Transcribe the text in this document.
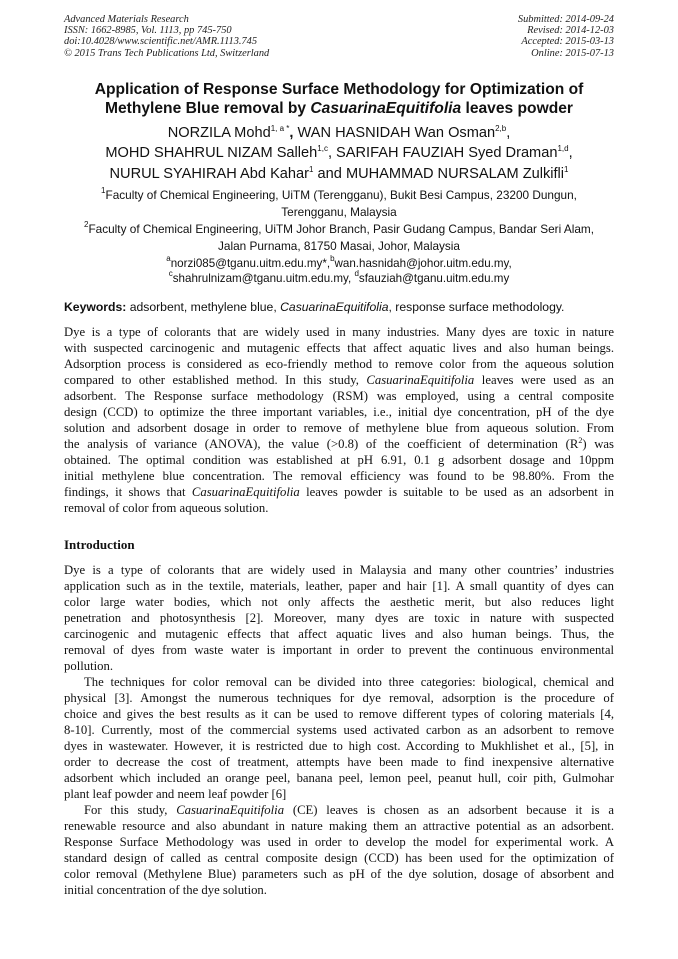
Advanced Materials Research
ISSN: 1662-8985, Vol. 1113, pp 745-750
doi:10.4028/www.scientific.net/AMR.1113.745
© 2015 Trans Tech Publications Ltd, Switzerland
Submitted: 2014-09-24
Revised: 2014-12-03
Accepted: 2015-03-13
Online: 2015-07-13
Application of Response Surface Methodology for Optimization of
Methylene Blue removal by CasuarinaEquitifolia leaves powder
NORZILA Mohd$^{1, a *}$, WAN HASNIDAH Wan Osman$^{2,b}$,
MOHD SHAHRUL NIZAM Salleh$^{1,c}$, SARIFAH FAUZIAH Syed Draman$^{1,d}$,
NURUL SYAHIRAH Abd Kahar$^1$ and MUHAMMAD NURSALAM Zulkifli$^1$
$^1$Faculty of Chemical Engineering, UiTM (Terengganu), Bukit Besi Campus, 23200 Dungun,
Terengganu, Malaysia
$^2$Faculty of Chemical Engineering, UiTM Johor Branch, Pasir Gudang Campus, Bandar Seri Alam,
Jalan Purnama, 81750 Masai, Johor, Malaysia
$^a$norzi085@tganu.uitm.edu.my*,$^b$wan.hasnidah@johor.uitm.edu.my,
$^c$shahrulnizam@tganu.uitm.edu.my, $^d$sfauziah@tganu.uitm.edu.my
Keywords: adsorbent, methylene blue, CasuarinaEquitifolia, response surface methodology.
Dye is a type of colorants that are widely used in many industries. Many dyes are toxic in nature
with suspected carcinogenic and mutagenic effects that affect aquatic lives and also human beings.
Adsorption process is considered as eco-friendly method to remove color from the aqueous solution
compared to other established method. In this study, CasuarinaEquitifolia leaves were used as an
adsorbent. The Response surface methodology (RSM) was employed, using a central composite
design (CCD) to optimize the three important variables, i.e., initial dye concentration, pH of the dye
solution and adsorbent dosage in order to remove of methylene blue from aqueous solution. From
the analysis of variance (ANOVA), the value (>0.8) of the coefficient of determination $(R^2)$ was
obtained. The optimal condition was established at pH 6.91, 0.1 g adsorbent dosage and 10ppm
initial methylene blue concentration. The removal efficiency was found to be 98.80%. From the
findings, it shows that CasuarinaEquitifolia leaves powder is suitable to be used as an adsorbent in
removal of color from aqueous solution.
Introduction
Dye is a type of colorants that are widely used in Malaysia and many other countries’ industries
application such as in the textile, materials, leather, paper and hair [1]. A small quantity of dyes can
color large water bodies, which not only affects the aesthetic merit, but also reduces light
penetration and photosynthesis [2]. Moreover, many dyes are toxic in nature with suspected
carcinogenic and mutagenic effects that affect aquatic lives and also human beings. Thus, the
removal of dyes from waste water is important in order to prevent the continuous environmental
pollution.
The techniques for color removal can be divided into three categories: biological, chemical and
physical [3]. Amongst the numerous techniques for dye removal, adsorption is the procedure of
choice and gives the best results as it can be used to remove different types of coloring materials [4,
8-10]. Currently, most of the commercial systems used activated carbon as an adsorbent to remove
dyes in wastewater. However, it is restricted due to high cost. According to Mukhlishet et al., [5], in
order to decrease the cost of treatment, attempts have been made to find inexpensive alternative
adsorbent which included an orange peel, banana peel, lemon peel, peanut hull, coir pith, Gulmohar
plant leaf powder and neem leaf powder [6]
For this study, CasuarinaEquitifolia (CE) leaves is chosen as an adsorbent because it is a
renewable resource and also abundant in nature making them an attractive potential as an adsorbent.
Response Surface Methodology was used in order to develop the model for experimental work. A
standard design of called as central composite design (CCD) has been used for the optimization of
color removal (Methylene Blue) parameters such as pH of the dye solution, dosage of absorbent and
initial concentration of the dye solution.
